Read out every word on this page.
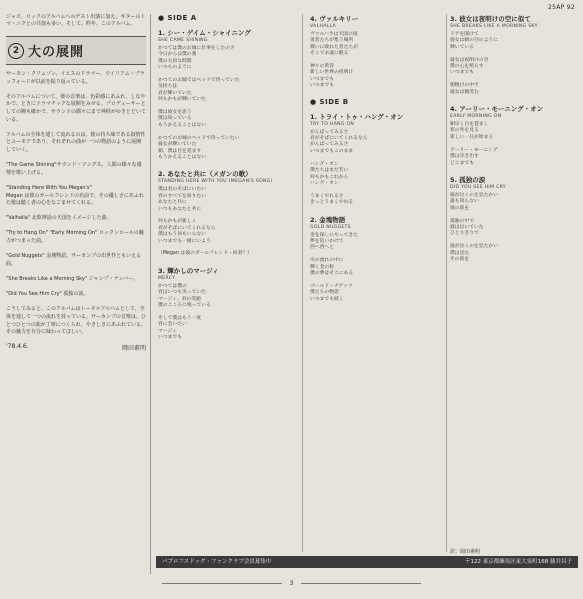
25AP 92

ジャズ、ロックのアルバムへのゲスト出演に加え、ギターのトマ・ニクとの共演も多い。そして、昨年、このアルバム。

2 大の展開

サーモン・クリムゾン、イエスのドラマー、ウイリアム・ブラッフォードが以前を振り返っている。

そのアルバムについて、彼の音楽は、色彩感にあふれ、しなやかで、ときにドラマチックな展開をみせる。プロデューサーとしての腕も確かで、サウンドの隅々にまで神経がゆきとどいている。

アルバムの全体を通して流れるのは、彼の持ち味である叙情性とユーモアであり、それぞれの曲が一つの物語のように展開していく。

"The Game Shining"サウンド・ソングス、人間の様々な感情を歌い上げる。

"Standing Here With You Megan's"
Megan は彼のガールフレンドの名前で、その優しさにあふれた歌は聴く者の心をなごませてくれる。

"Valhalla" 北欧神話の天国をイメージした曲。

"Try to Hang On" "Early Morning On" ロックンロールの魅力がつまった曲。

"Gold Nuggets" 金塊物語。サーカンプの出世作ともいえる曲。

"She Breaks Like a Morning Sky" ジャンプ・ナンバー。

"Did You See Him Cry" 孤独の涙。

こうしてみると、このアルバムはトータルアルバムとして、全体を通して一つの流れを持っている。サーカンプの音楽は、ひとつひとつの曲が丁寧につくられ、やさしさにあふれている。その魅力を存分に味わってほしい。

'78.4.6.	岡田素明
● SIDE A

1. シー・ゲイム・シャイニング

SHE CAME SHINING

かつては僕のお城に仕事をしたのさ
今日からは僕の番
僕の大切な時間
いつものように

かつてのお城ではベッドで待っていた
気持ちは
君が輝いていた
何もかもが輝いていた

僕は彼女を思う
僕は知っている
もうかえることはない

かつてのお城のベッドで待っていたい
彼女が輝いていた
朝、僕は目を覚ます
もうかえることはない

2. あなたと共に（メガンの歌）

STANDING HERE WITH YOU (MEGAN'S SONG)

僕は君のそばにいたい
君のすべてを知りたい
あなたと共に
いつもあなたと共に

何もかもが新しく
君がそばにいてくれるなら
僕はもう何もいらない
いつまでも一緒にいよう

（Megan は彼のガールフレンド・何者？）

3. 輝かしのマージィ

MERCY

かつては僕の
君はいつも笑っていた
マージィ、君の笑顔
僕のこころに残っている

そして僕はもう一度
君に会いたい
マージィ
いつまでも

4. ヴァルキリー

VALHALLA

ヴァルハラは天国の国
勇者たちが集う場所
戦いに敗れた者たちが
そこで永遠に眠る

神々の黄昏
新しい世界の夜明け
いつまでも
いつまでも

● SIDE B

1. トライ・トゥ・ハング・オン

TRY TO HANG ON

がんばってみるさ
君がそばにいてくれるなら
がんばってみるさ
いつまでもこのまま

ハング・オン
僕たちはまだ若い
何もかもこれから
ハング・オン

うまくやれるさ
きっとうまくやれる

2. 金塊物語

GOLD NUGGETS

金を探しにやってきた
夢を追いかけて
西へ西へと

川の流れの中に
輝く金の粒
僕の夢はそこにある

ゴールド・ナゲッツ
僕たちの物語
いつまでも続く

3. 彼女は夜明けの空に似て

SHE BREAKS LIKE A MORNING SKY

ドアを開けて
彼女は朝の空のように
輝いている

彼女は夜明けの空
僕の心を照らす
いつまでも

朝焼けの中で
彼女は微笑む

4. アーリー・モーニング・オン

EARLY MORNING ON

朝早く目を覚まし
窓の外を見る
新しい一日が始まる

アーリー・モーニング
僕は歩き出す
どこまでも

5. 孤独の涙

DID YOU SEE HIM CRY

彼が泣くのを見たかい
誰も知らない
彼の涙を

孤独の中で
彼は泣いていた
ひとりきりで

彼が泣くのを見たかい
僕は見た
その涙を

訳：岡田素明
パプロフスドッグ・ファンクラブ会員募集中	〒122 東京都練馬区東大泉町168 藤井昌子
3
